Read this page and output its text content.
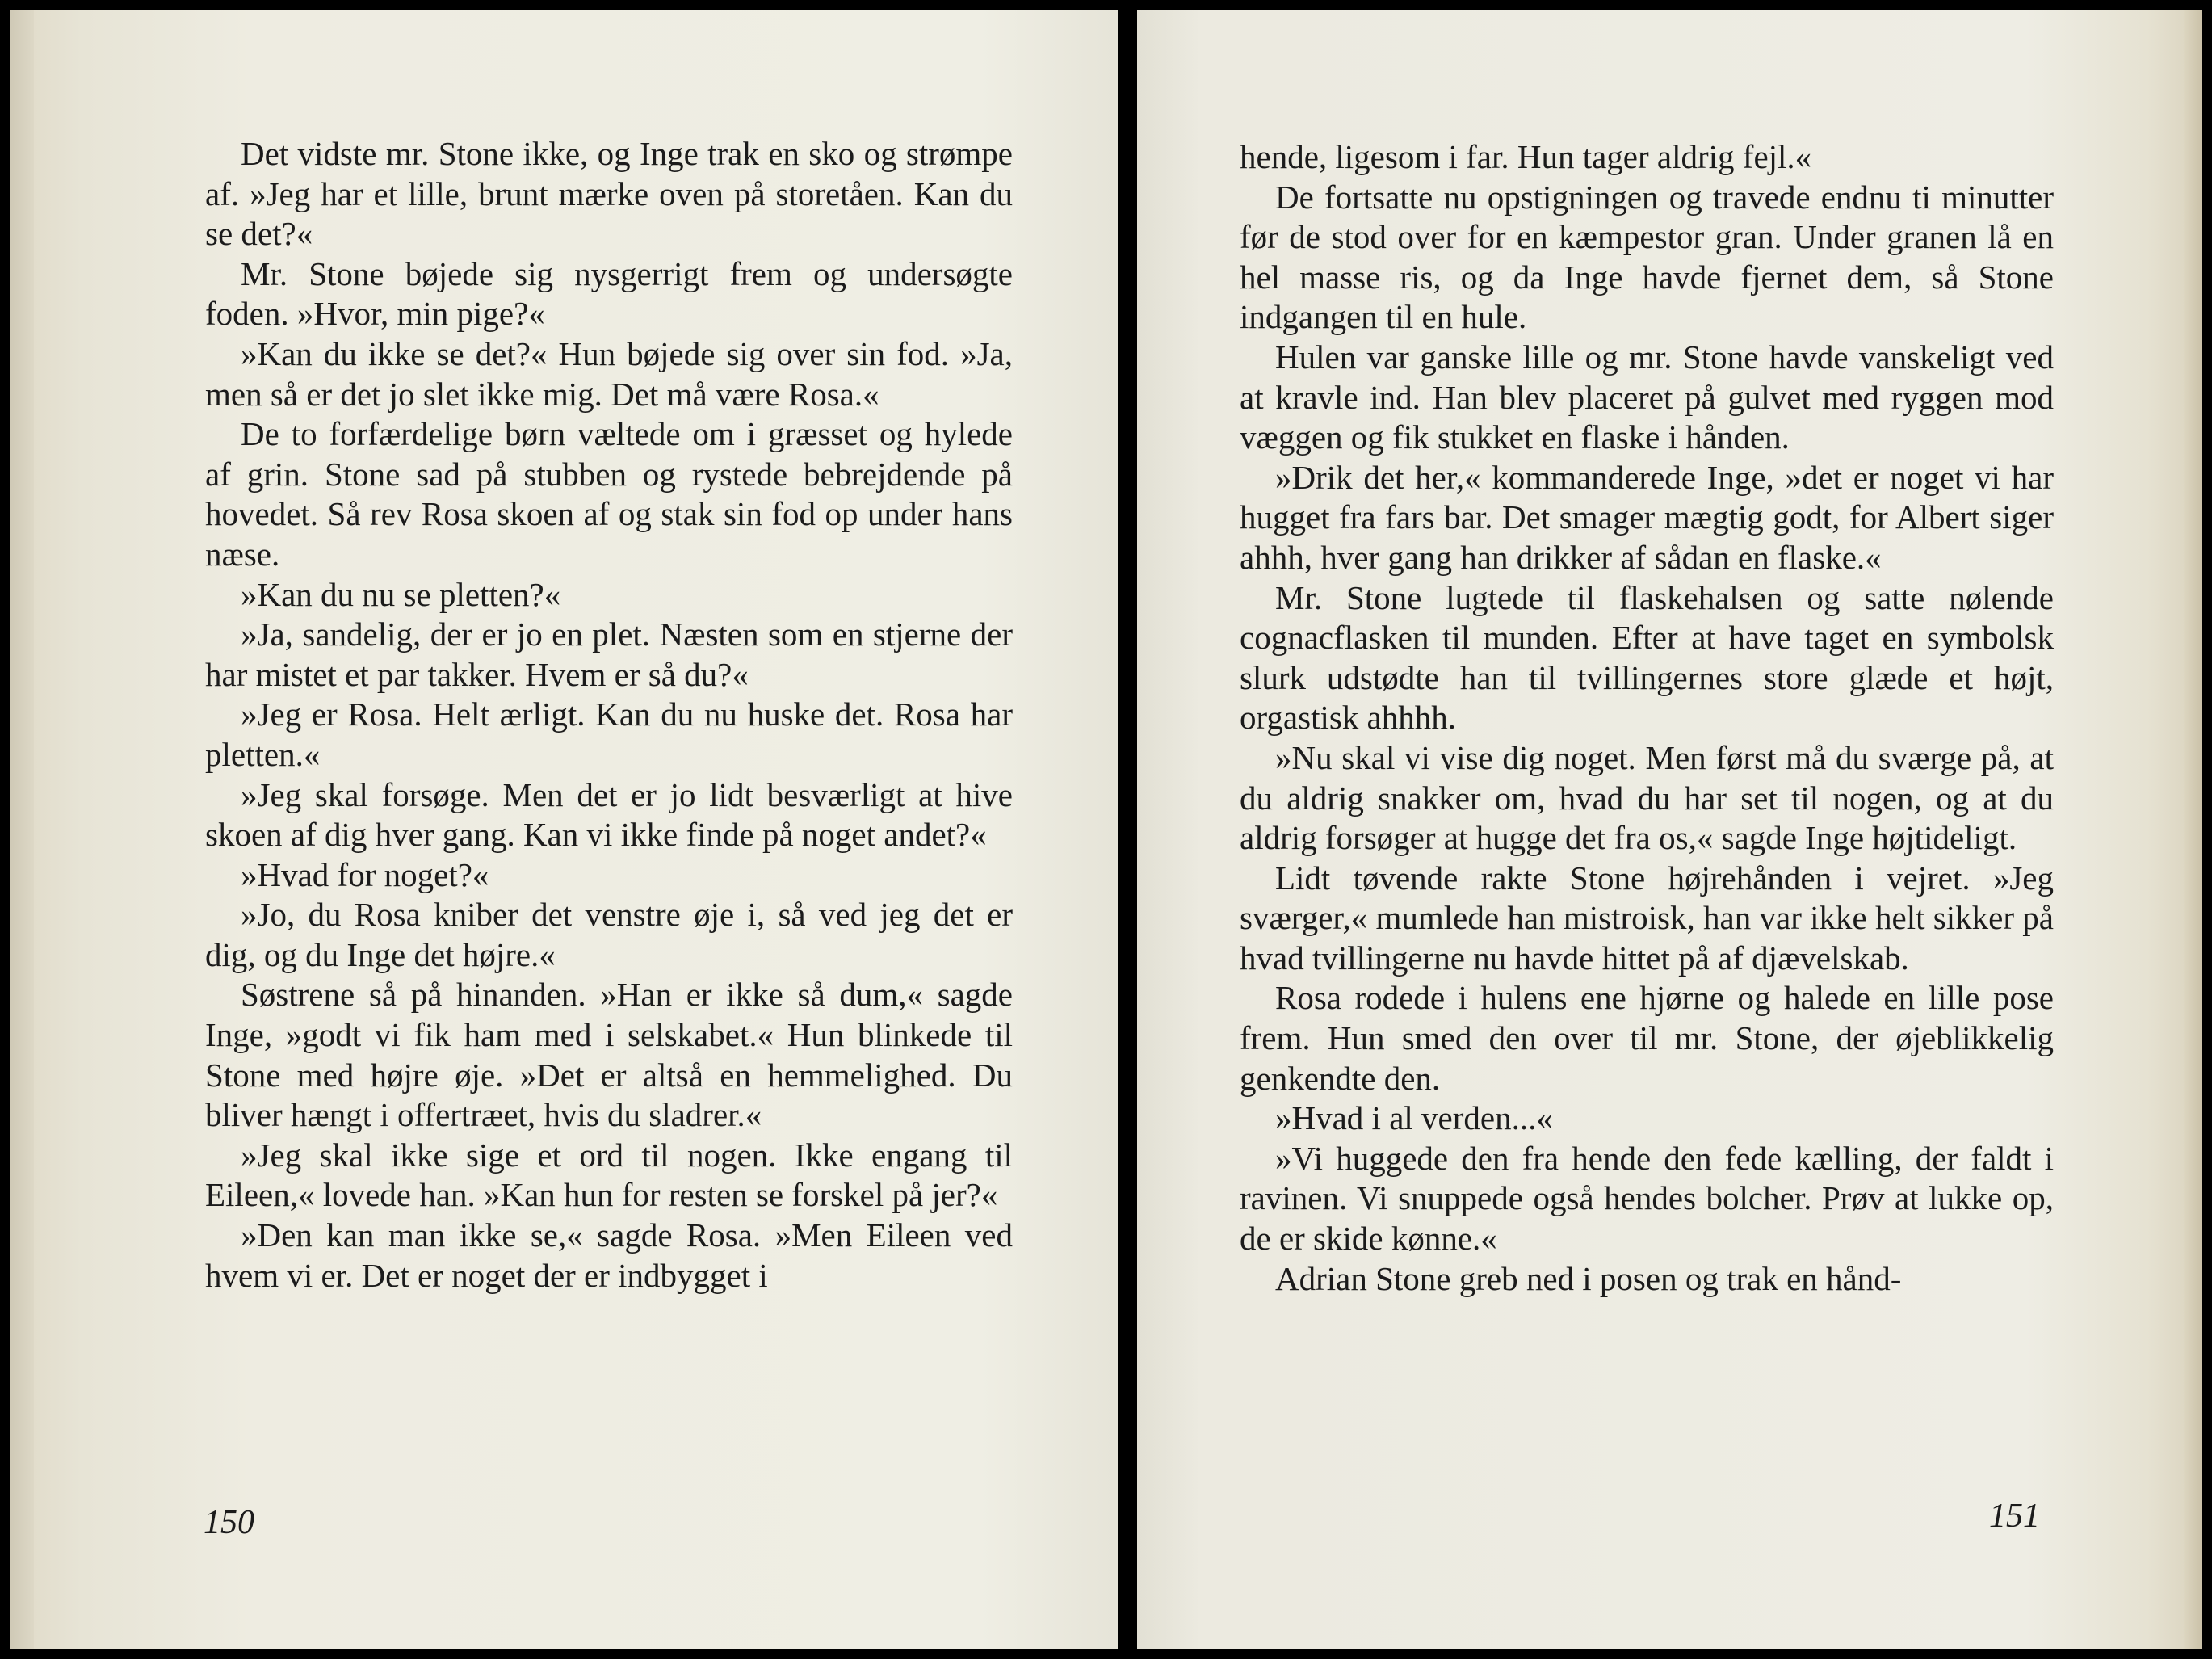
Det vidste mr. Stone ikke, og Inge trak en sko og strømpe af. »Jeg har et lille, brunt mærke oven på storetåen. Kan du se det?«

Mr. Stone bøjede sig nysgerrigt frem og undersøgte foden. »Hvor, min pige?«

»Kan du ikke se det?« Hun bøjede sig over sin fod. »Ja, men så er det jo slet ikke mig. Det må være Rosa.«

De to forfærdelige børn væltede om i græsset og hylede af grin. Stone sad på stubben og rystede bebrejdende på hovedet. Så rev Rosa skoen af og stak sin fod op under hans næse.

»Kan du nu se pletten?«

»Ja, sandelig, der er jo en plet. Næsten som en stjerne der har mistet et par takker. Hvem er så du?«

»Jeg er Rosa. Helt ærligt. Kan du nu huske det. Rosa har pletten.«

»Jeg skal forsøge. Men det er jo lidt besværligt at hive skoen af dig hver gang. Kan vi ikke finde på noget andet?«

»Hvad for noget?«

»Jo, du Rosa kniber det venstre øje i, så ved jeg det er dig, og du Inge det højre.«

Søstrene så på hinanden. »Han er ikke så dum,« sagde Inge, »godt vi fik ham med i selskabet.« Hun blinkede til Stone med højre øje. »Det er altså en hemmelighed. Du bliver hængt i offertræet, hvis du sladrer.«

»Jeg skal ikke sige et ord til nogen. Ikke engang til Eileen,« lovede han. »Kan hun for resten se forskel på jer?«

»Den kan man ikke se,« sagde Rosa. »Men Eileen ved hvem vi er. Det er noget der er indbygget i

150

hende, ligesom i far. Hun tager aldrig fejl.«

De fortsatte nu opstigningen og travede endnu ti minutter før de stod over for en kæmpestor gran. Under granen lå en hel masse ris, og da Inge havde fjernet dem, så Stone indgangen til en hule.

Hulen var ganske lille og mr. Stone havde vanskeligt ved at kravle ind. Han blev placeret på gulvet med ryggen mod væggen og fik stukket en flaske i hånden.

»Drik det her,« kommanderede Inge, »det er noget vi har hugget fra fars bar. Det smager mægtig godt, for Albert siger ahhh, hver gang han drikker af sådan en flaske.«

Mr. Stone lugtede til flaskehalsen og satte nølende cognacflasken til munden. Efter at have taget en symbolsk slurk udstødte han til tvillingernes store glæde et højt, orgastisk ahhhh.

»Nu skal vi vise dig noget. Men først må du sværge på, at du aldrig snakker om, hvad du har set til nogen, og at du aldrig forsøger at hugge det fra os,« sagde Inge højtideligt.

Lidt tøvende rakte Stone højrehånden i vejret. »Jeg sværger,« mumlede han mistroisk, han var ikke helt sikker på hvad tvillingerne nu havde hittet på af djævelskab.

Rosa rodede i hulens ene hjørne og halede en lille pose frem. Hun smed den over til mr. Stone, der øjeblikkelig genkendte den.

»Hvad i al verden...«

»Vi huggede den fra hende den fede kælling, der faldt i ravinen. Vi snuppede også hendes bolcher. Prøv at lukke op, de er skide kønne.«

Adrian Stone greb ned i posen og trak en hånd-

151
